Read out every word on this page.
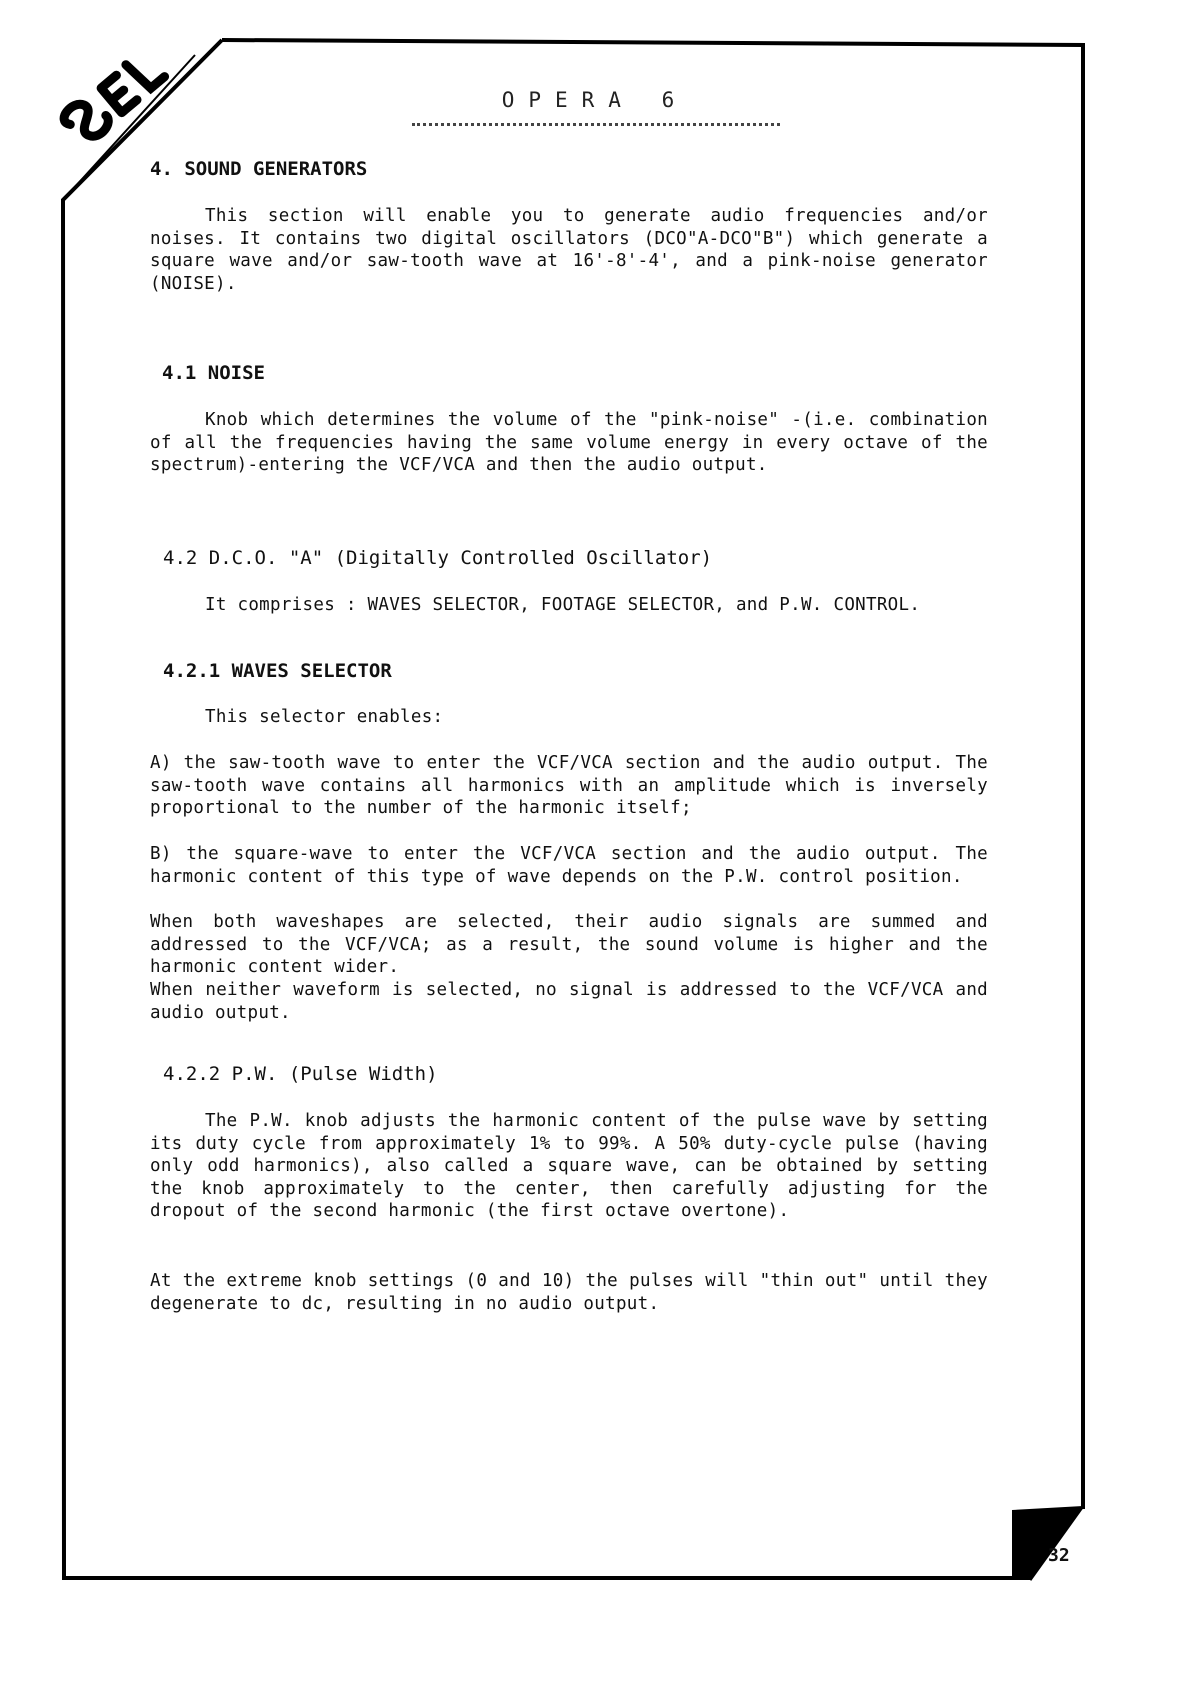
OPERA 6
4. SOUND GENERATORS
This section will enable you to generate audio frequencies and/or noises. It contains two digital oscillators (DCO"A-DCO"B") which generate a square wave and/or saw-tooth wave at 16'-8'-4', and a pink-noise generator (NOISE).
4.1 NOISE
Knob which determines the volume of the "pink-noise" -(i.e. combination of all the frequencies having the same volume energy in every octave of the spectrum)-entering the VCF/VCA and then the audio output.
4.2 D.C.O. "A" (Digitally Controlled Oscillator)
It comprises : WAVES SELECTOR, FOOTAGE SELECTOR, and P.W. CONTROL.
4.2.1 WAVES SELECTOR
This selector enables:
A) the saw-tooth wave to enter the VCF/VCA section and the audio output. The saw-tooth wave contains all harmonics with an amplitude which is inversely proportional to the number of the harmonic itself;
B) the square-wave to enter the VCF/VCA section and the audio output. The harmonic content of this type of wave depends on the P.W. control position.
When both waveshapes are selected, their audio signals are summed and addressed to the VCF/VCA; as a result, the sound volume is higher and the harmonic content wider.
When neither waveform is selected, no signal is addressed to the VCF/VCA and audio output.
4.2.2 P.W. (Pulse Width)
The P.W. knob adjusts the harmonic content of the pulse wave by setting its duty cycle from approximately 1% to 99%. A 50% duty-cycle pulse (having only odd harmonics), also called a square wave, can be obtained by setting the knob approximately to the center, then carefully adjusting for the dropout of the second harmonic (the first octave overtone).
At the extreme knob settings (0 and 10) the pulses will "thin out" until they degenerate to dc, resulting in no audio output.
32
